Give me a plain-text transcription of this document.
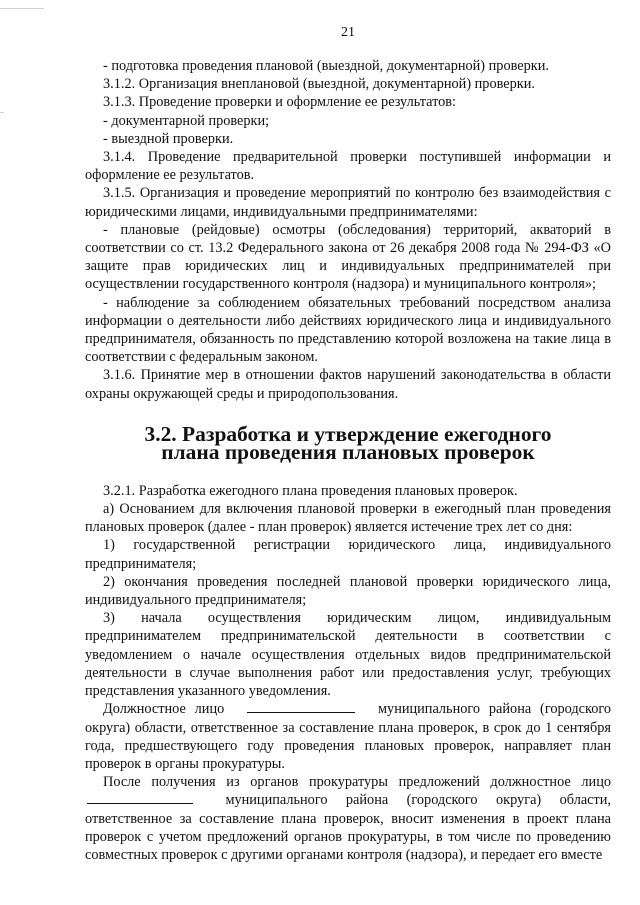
21

- подготовка проведения плановой (выездной, документарной) проверки.

3.1.2. Организация внеплановой (выездной, документарной) проверки.

3.1.3. Проведение проверки и оформление ее результатов:

- документарной проверки;

- выездной проверки.

3.1.4. Проведение предварительной проверки поступившей информации и оформление ее результатов.

3.1.5. Организация и проведение мероприятий по контролю без взаимодействия с юридическими лицами, индивидуальными предпринимателями:

- плановые (рейдовые) осмотры (обследования) территорий, акваторий в соответствии со ст. 13.2 Федерального закона от 26 декабря 2008 года № 294-ФЗ «О защите прав юридических лиц и индивидуальных предпринимателей при осуществлении государственного контроля (надзора) и муниципального контроля»;

- наблюдение за соблюдением обязательных требований посредством анализа информации о деятельности либо действиях юридического лица и индивидуального предпринимателя, обязанность по представлению которой возложена на такие лица в соответствии с федеральным законом.

3.1.6. Принятие мер в отношении фактов нарушений законодательства в области охраны окружающей среды и природопользования.

3.2. Разработка и утверждение ежегодного
плана проведения плановых проверок

3.2.1. Разработка ежегодного плана проведения плановых проверок.

а) Основанием для включения плановой проверки в ежегодный план проведения плановых проверок (далее - план проверок) является истечение трех лет со дня:

1) государственной регистрации юридического лица, индивидуального предпринимателя;

2) окончания проведения последней плановой проверки юридического лица, индивидуального предпринимателя;

3) начала осуществления юридическим лицом, индивидуальным предпринимателем предпринимательской деятельности в соответствии с уведомлением о начале осуществления отдельных видов предпринимательской деятельности в случае выполнения работ или предоставления услуг, требующих представления указанного уведомления.

Должностное лицо	муниципального района (городского округа) области, ответственное за составление плана проверок, в срок до 1 сентября года, предшествующего году проведения плановых проверок, направляет план проверок в органы прокуратуры.

После получения из органов прокуратуры предложений должностное лицо  муниципального района (городского округа) области, ответственное за составление плана проверок, вносит изменения в проект плана проверок с учетом предложений органов прокуратуры, в том числе по проведению совместных проверок с другими органами контроля (надзора), и передает его вместе
